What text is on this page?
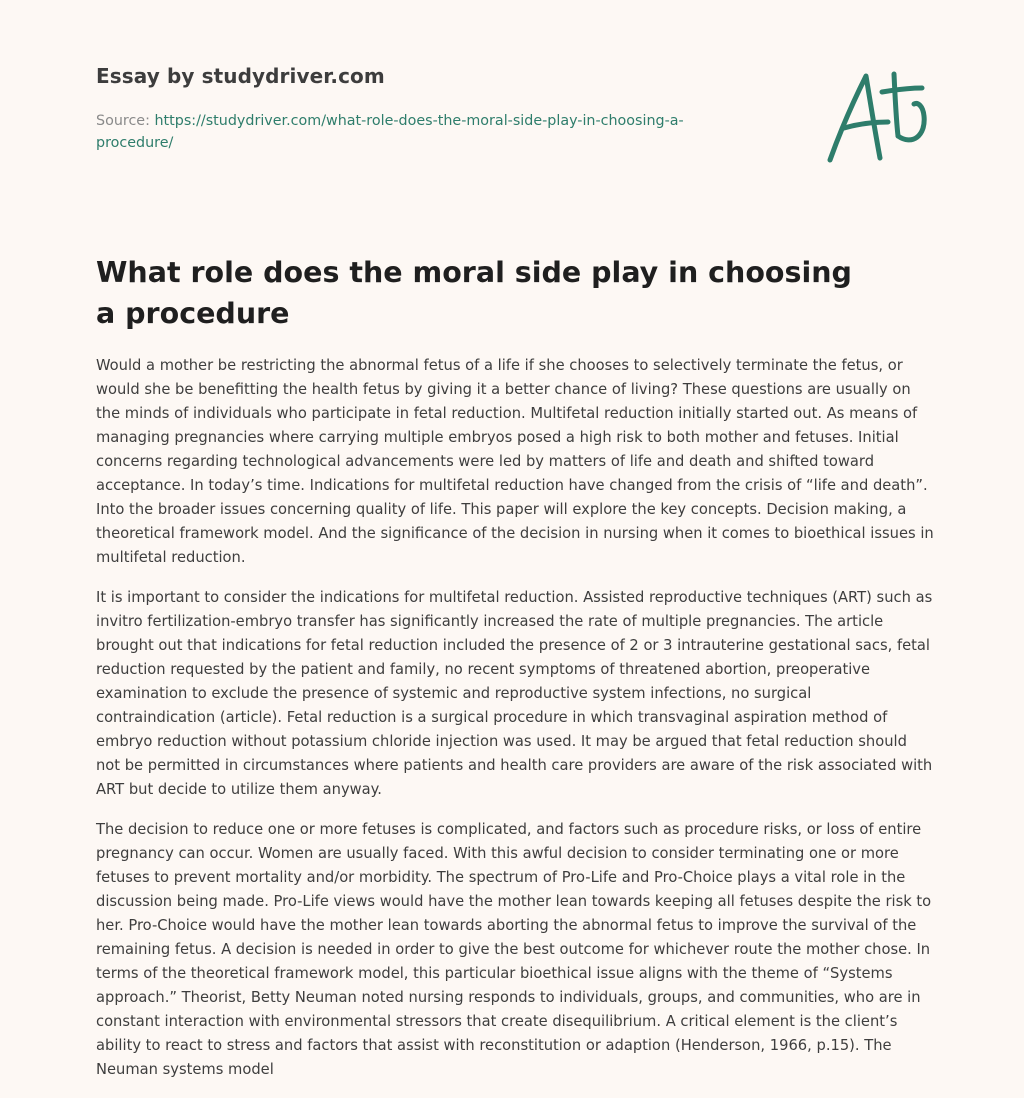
Essay by studydriver.com
Source: https://studydriver.com/what-role-does-the-moral-side-play-in-choosing-a-procedure/
What role does the moral side play in choosing a procedure

Would a mother be restricting the abnormal fetus of a life if she chooses to selectively terminate the fetus, or would she be benefitting the health fetus by giving it a better chance of living? These questions are usually on the minds of individuals who participate in fetal reduction. Multifetal reduction initially started out. As means of managing pregnancies where carrying multiple embryos posed a high risk to both mother and fetuses. Initial concerns regarding technological advancements were led by matters of life and death and shifted toward acceptance. In today’s time. Indications for multifetal reduction have changed from the crisis of “life and death”. Into the broader issues concerning quality of life. This paper will explore the key concepts. Decision making, a theoretical framework model. And the significance of the decision in nursing when it comes to bioethical issues in multifetal reduction.

It is important to consider the indications for multifetal reduction. Assisted reproductive techniques (ART) such as invitro fertilization-embryo transfer has significantly increased the rate of multiple pregnancies. The article brought out that indications for fetal reduction included the presence of 2 or 3 intrauterine gestational sacs, fetal reduction requested by the patient and family, no recent symptoms of threatened abortion, preoperative examination to exclude the presence of systemic and reproductive system infections, no surgical contraindication (article). Fetal reduction is a surgical procedure in which transvaginal aspiration method of embryo reduction without potassium chloride injection was used. It may be argued that fetal reduction should not be permitted in circumstances where patients and health care providers are aware of the risk associated with ART but decide to utilize them anyway.

The decision to reduce one or more fetuses is complicated, and factors such as procedure risks, or loss of entire pregnancy can occur. Women are usually faced. With this awful decision to consider terminating one or more fetuses to prevent mortality and/or morbidity. The spectrum of Pro-Life and Pro-Choice plays a vital role in the discussion being made. Pro-Life views would have the mother lean towards keeping all fetuses despite the risk to her. Pro-Choice would have the mother lean towards aborting the abnormal fetus to improve the survival of the remaining fetus. A decision is needed in order to give the best outcome for whichever route the mother chose. In terms of the theoretical framework model, this particular bioethical issue aligns with the theme of “Systems approach.” Theorist, Betty Neuman noted nursing responds to individuals, groups, and communities, who are in constant interaction with environmental stressors that create disequilibrium. A critical element is the client’s ability to react to stress and factors that assist with reconstitution or adaption (Henderson, 1966, p.15). The Neuman systems model
